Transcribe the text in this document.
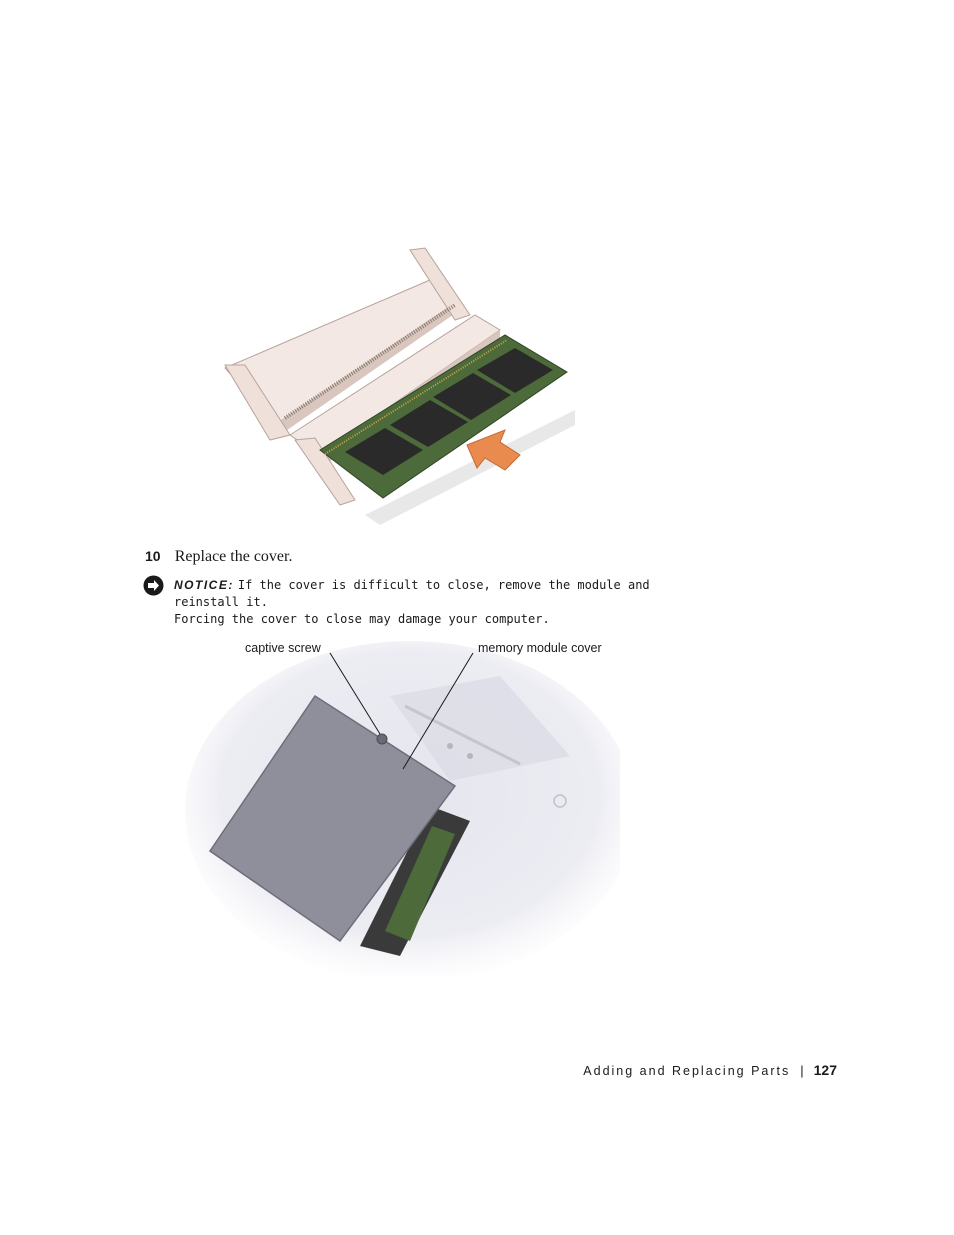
10 Replace the cover.
NOTICE: If the cover is difficult to close, remove the module and reinstall it.
Forcing the cover to close may damage your computer.
captive screw	memory module cover
Adding and Replacing Parts | 127
